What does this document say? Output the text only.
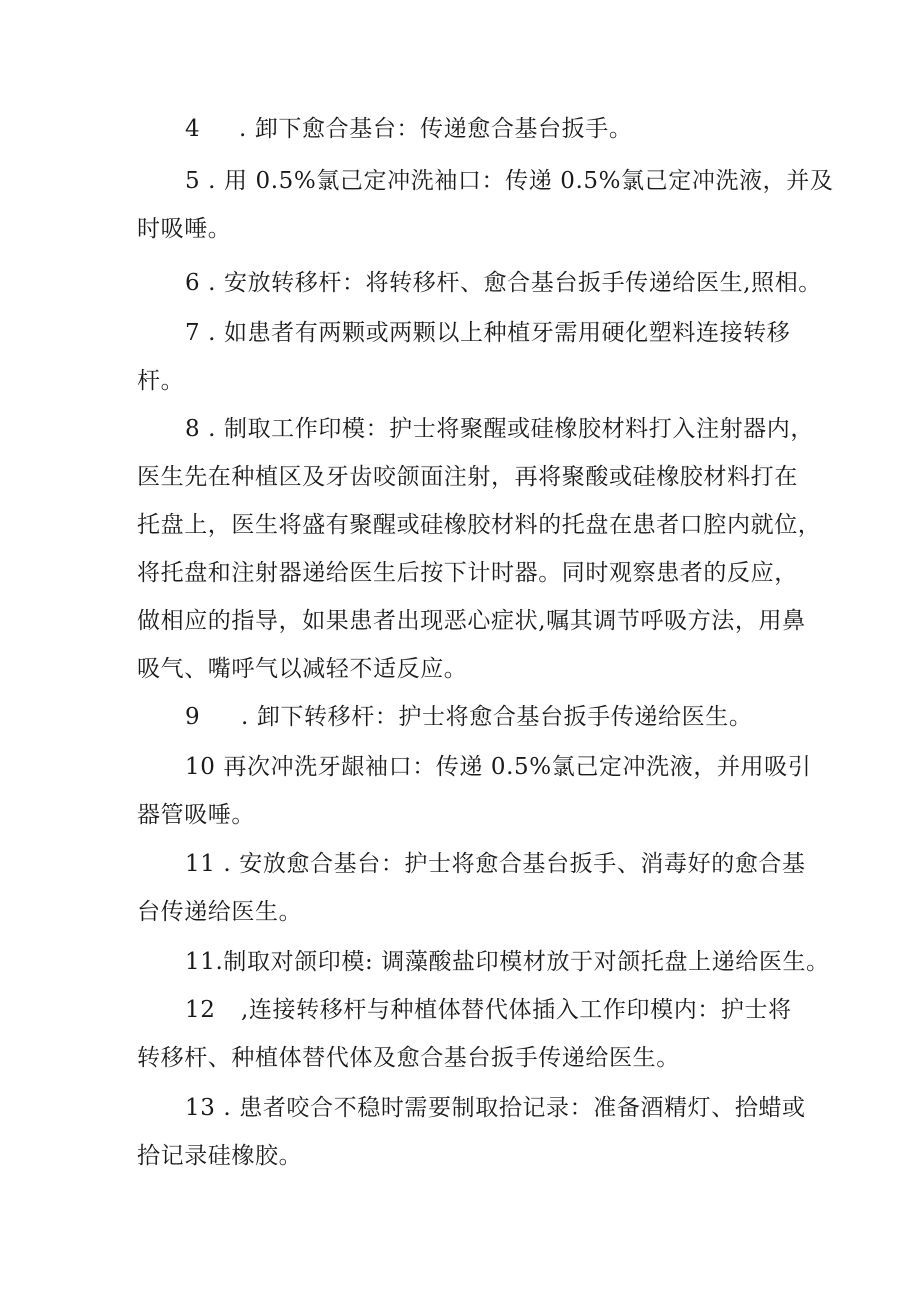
4 . 卸下愈合基台：传递愈合基台扳手。
5 . 用 0.5%氯己定冲洗袖口：传递 0.5%氯己定冲洗液，并及
时吸唾。
6 . 安放转移杆：将转移杆、愈合基台扳手传递给医生,照相。
7 . 如患者有两颗或两颗以上种植牙需用硬化塑料连接转移
杆。
8 . 制取工作印模：护士将聚醒或硅橡胶材料打入注射器内，
医生先在种植区及牙齿咬颌面注射，再将聚酸或硅橡胶材料打在
托盘上，医生将盛有聚醒或硅橡胶材料的托盘在患者口腔内就位，
将托盘和注射器递给医生后按下计时器。同时观察患者的反应，
做相应的指导，如果患者出现恶心症状,嘱其调节呼吸方法，用鼻
吸气、嘴呼气以减轻不适反应。
9 . 卸下转移杆：护士将愈合基台扳手传递给医生。
10 再次冲洗牙龈袖口：传递 0.5%氯己定冲洗液，并用吸引
器管吸唾。
11 . 安放愈合基台：护士将愈合基台扳手、消毒好的愈合基
台传递给医生。
11.制取对颌印模: 调藻酸盐印模材放于对颌托盘上递给医生。
12 ,连接转移杆与种植体替代体插入工作印模内：护士将
转移杆、种植体替代体及愈合基台扳手传递给医生。
13 . 患者咬合不稳时需要制取拾记录：准备酒精灯、拾蜡或
拾记录硅橡胶。
